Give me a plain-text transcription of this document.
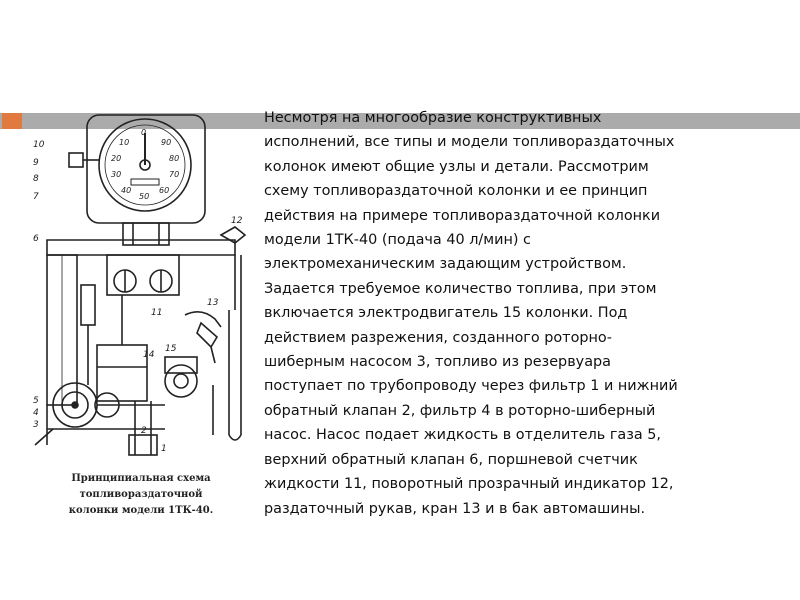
0
10	90
20	80
30	70
40	60
50
10
9
8
7
6
12
11
13
14
15
5
4
3
2
1
Принципиальная схема топливораздаточной
колонки модели 1ТК-40.
Несмотря на многообразие конструктивных
исполнений, все типы и модели топливораздаточных
колонок имеют общие узлы и детали. Рассмотрим
схему топливораздаточной колонки и ее принцип
действия на примере топливораздаточной колонки
модели 1ТК-40 (подача 40 л/мин) с
электромеханическим задающим устройством.
Задается требуемое количество топлива, при этом
включается электродвигатель 15 колонки. Под
действием разрежения, созданного роторно-
шиберным насосом 3, топливо из резервуара
поступает по трубопроводу через фильтр 1 и нижний
обратный клапан 2, фильтр 4 в роторно-шиберный
насос. Насос подает жидкость в отделитель газа 5,
верхний обратный клапан 6, поршневой счетчик
жидкости 11, поворотный прозрачный индикатор 12,
раздаточный рукав, кран 13 и в бак автомашины.
